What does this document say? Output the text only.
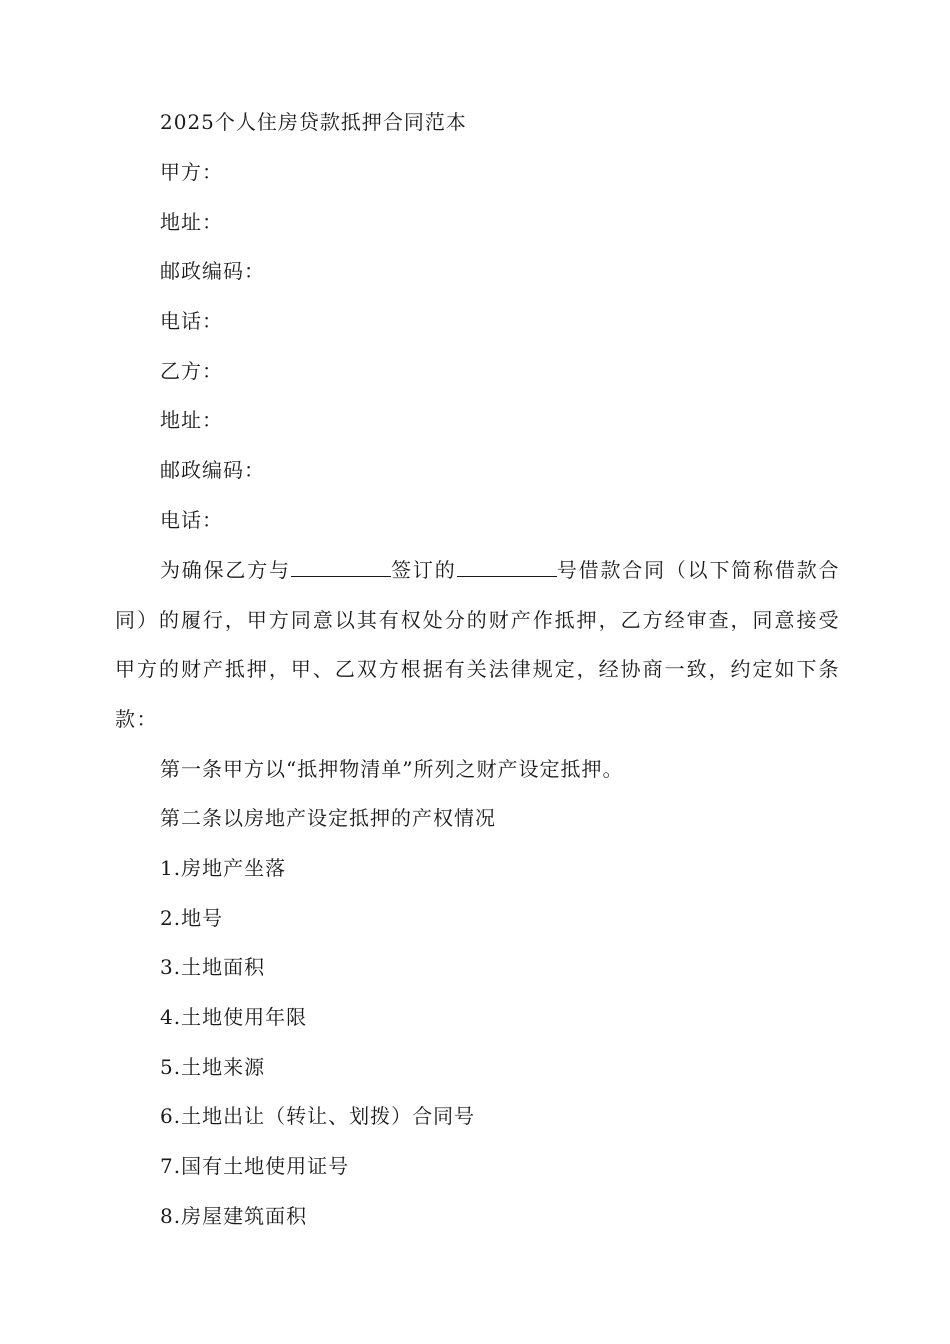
2025个人住房贷款抵押合同范本
甲方：
地址：
邮政编码：
电话：
乙方：
地址：
邮政编码：
电话：
为确保乙方与	签订的	号借款合同（以下简称借款合同）的履行，甲方同意以其有权处分的财产作抵押，乙方经审查，同意接受甲方的财产抵押，甲、乙双方根据有关法律规定，经协商一致，约定如下条款：
第一条甲方以“抵押物清单”所列之财产设定抵押。
第二条以房地产设定抵押的产权情况
1.房地产坐落
2.地号
3.土地面积
4.土地使用年限
5.土地来源
6.土地出让（转让、划拨）合同号
7.国有土地使用证号
8.房屋建筑面积
